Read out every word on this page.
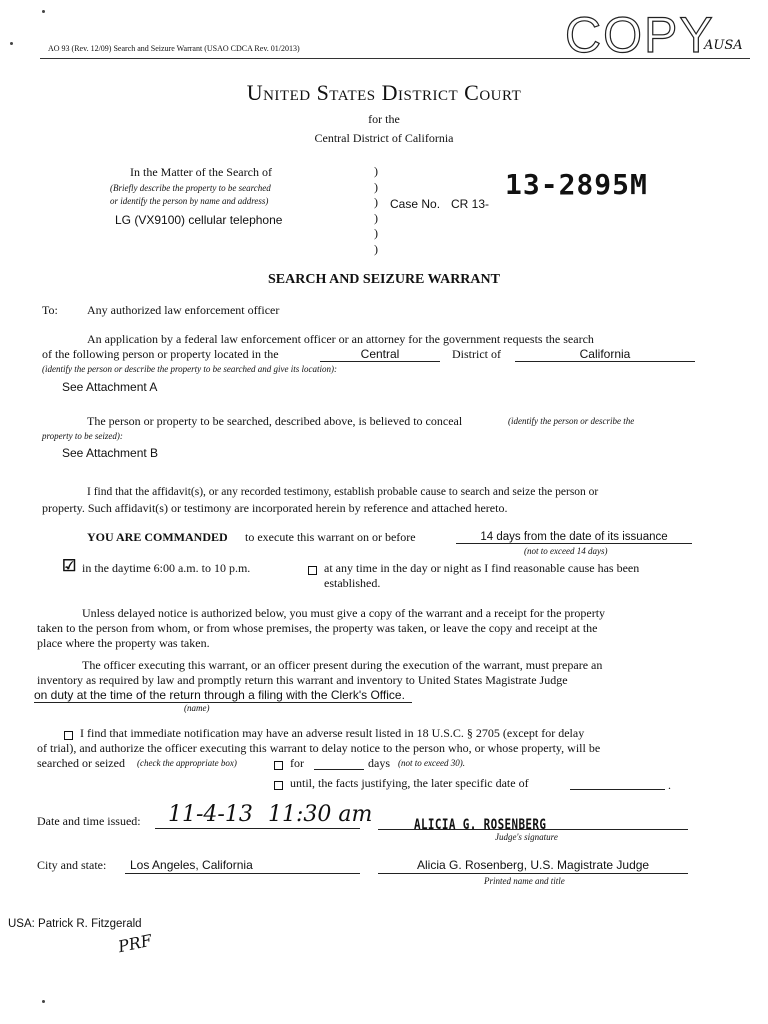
AO 93 (Rev. 12/09) Search and Seizure Warrant (USAO CDCA Rev. 01/2013)	COPY
AUSA
United States District Court
for the
Central District of California
In the Matter of the Search of
(Briefly describe the property to be searched
or identify the person by name and address)
LG (VX9100) cellular telephone
)
)
)
)
)
)
Case No. CR 13-
13-2895M
SEARCH AND SEIZURE WARRANT
To: Any authorized law enforcement officer
An application by a federal law enforcement officer or an attorney for the government requests the search
of the following person or property located in the	Central	District of	California
(identify the person or describe the property to be searched and give its location):
See Attachment A
The person or property to be searched, described above, is believed to conceal	(identify the person or describe the
property to be seized):
See Attachment B
I find that the affidavit(s), or any recorded testimony, establish probable cause to search and seize the person or
property. Such affidavit(s) or testimony are incorporated herein by reference and attached hereto.
YOU ARE COMMANDED to execute this warrant on or before	14 days from the date of its issuance
(not to exceed 14 days)
☑ in the daytime 6:00 a.m. to 10 p.m.	at any time in the day or night as I find reasonable cause has been
established.
Unless delayed notice is authorized below, you must give a copy of the warrant and a receipt for the property
taken to the person from whom, or from whose premises, the property was taken, or leave the copy and receipt at the
place where the property was taken.
The officer executing this warrant, or an officer present during the execution of the warrant, must prepare an
inventory as required by law and promptly return this warrant and inventory to United States Magistrate Judge
on duty at the time of the return through a filing with the Clerk's Office.
(name)
I find that immediate notification may have an adverse result listed in 18 U.S.C. § 2705 (except for delay
of trial), and authorize the officer executing this warrant to delay notice to the person who, or whose property, will be
searched or seized (check the appropriate box)	for	days (not to exceed 30).
until, the facts justifying, the later specific date of	.
Date and time issued: 11-4-13 11:30 am	ALICIA G. ROSENBERG
Judge's signature
City and state: Los Angeles, California	Alicia G. Rosenberg, U.S. Magistrate Judge
Printed name and title
USA: Patrick R. Fitzgerald
PRF
